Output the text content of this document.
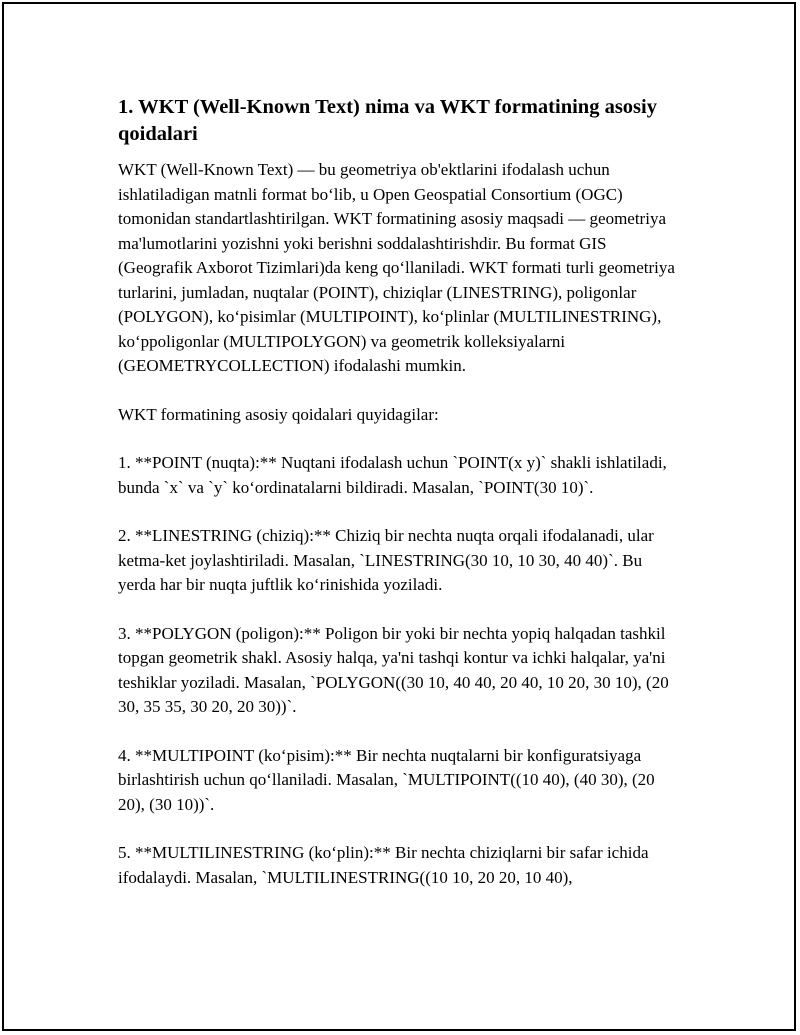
1. WKT (Well-Known Text) nima va WKT formatining asosiy qoidalari

WKT (Well-Known Text) — bu geometriya ob'ektlarini ifodalash uchun ishlatiladigan matnli format bo‘lib, u Open Geospatial Consortium (OGC) tomonidan standartlashtirilgan. WKT formatining asosiy maqsadi — geometriya ma'lumotlarini yozishni yoki berishni soddalashtirishdir. Bu format GIS (Geografik Axborot Tizimlari)da keng qo‘llaniladi. WKT formati turli geometriya turlarini, jumladan, nuqtalar (POINT), chiziqlar (LINESTRING), poligonlar (POLYGON), ko‘pisimlar (MULTIPOINT), ko‘plinlar (MULTILINESTRING), ko‘ppoligonlar (MULTIPOLYGON) va geometrik kolleksiyalarni (GEOMETRYCOLLECTION) ifodalashi mumkin.

WKT formatining asosiy qoidalari quyidagilar:

1. **POINT (nuqta):** Nuqtani ifodalash uchun `POINT(x y)` shakli ishlatiladi, bunda `x` va `y` ko‘ordinatalarni bildiradi. Masalan, `POINT(30 10)`.

2. **LINESTRING (chiziq):** Chiziq bir nechta nuqta orqali ifodalanadi, ular ketma-ket joylashtiriladi. Masalan, `LINESTRING(30 10, 10 30, 40 40)`. Bu yerda har bir nuqta juftlik ko‘rinishida yoziladi.

3. **POLYGON (poligon):** Poligon bir yoki bir nechta yopiq halqadan tashkil topgan geometrik shakl. Asosiy halqa, ya'ni tashqi kontur va ichki halqalar, ya'ni teshiklar yoziladi. Masalan, `POLYGON((30 10, 40 40, 20 40, 10 20, 30 10), (20 30, 35 35, 30 20, 20 30))`.

4. **MULTIPOINT (ko‘pisim):** Bir nechta nuqtalarni bir konfiguratsiyaga birlashtirish uchun qo‘llaniladi. Masalan, `MULTIPOINT((10 40), (40 30), (20 20), (30 10))`.

5. **MULTILINESTRING (ko‘plin):** Bir nechta chiziqlarni bir safar ichida ifodalaydi. Masalan, `MULTILINESTRING((10 10, 20 20, 10 40),
